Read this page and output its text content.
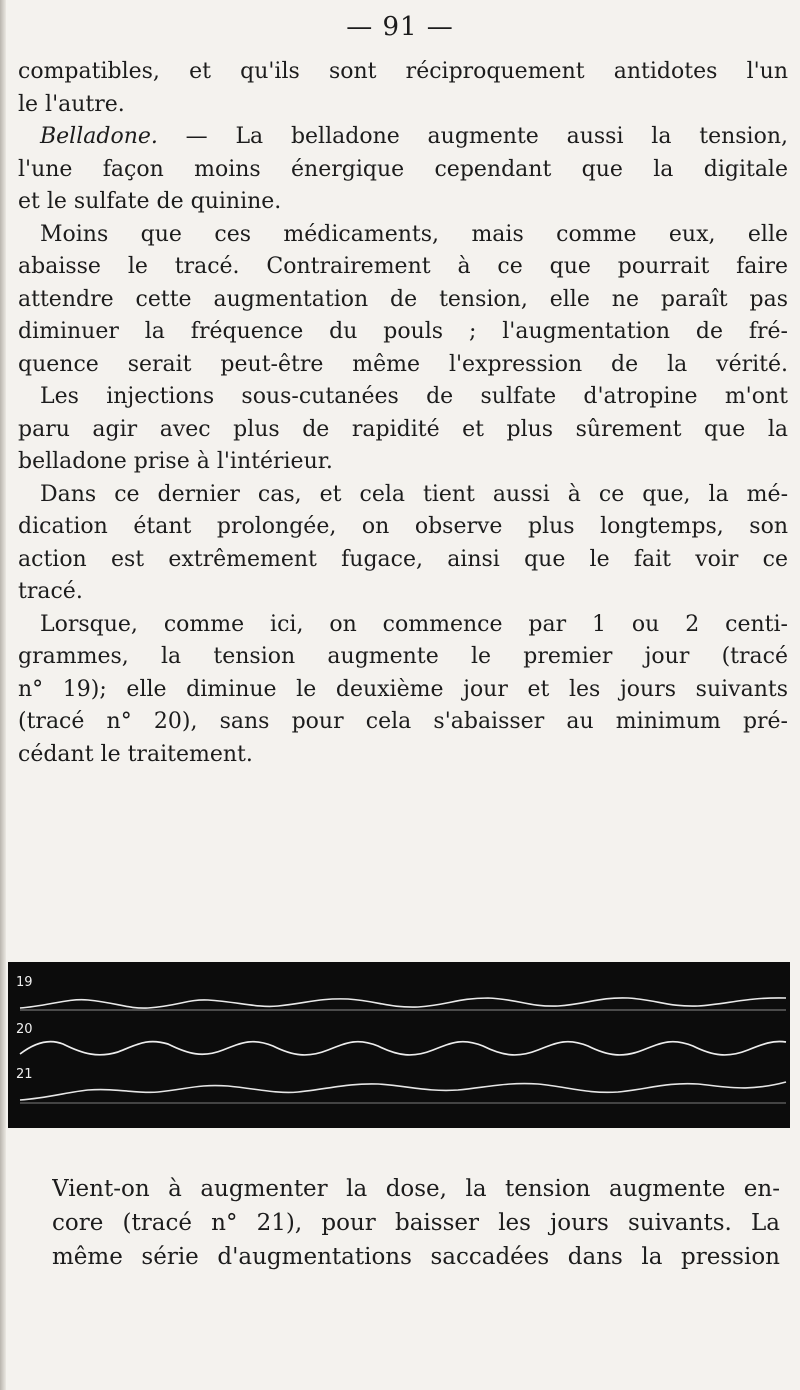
— 91 —
compatibles, et qu'ils sont réciproquement antidotes l'un
le l'autre.
Belladone. — La belladone augmente aussi la tension,
l'une façon moins énergique cependant que la digitale
et le sulfate de quinine.
Moins que ces médicaments, mais comme eux, elle
abaisse le tracé. Contrairement à ce que pourrait faire
attendre cette augmentation de tension, elle ne paraît pas
diminuer la fréquence du pouls ; l'augmentation de fré-
quence serait peut-être même l'expression de la vérité.
Les injections sous-cutanées de sulfate d'atropine m'ont
paru agir avec plus de rapidité et plus sûrement que la
belladone prise à l'intérieur.
Dans ce dernier cas, et cela tient aussi à ce que, la mé-
dication étant prolongée, on observe plus longtemps, son
action est extrêmement fugace, ainsi que le fait voir ce
tracé.
Lorsque, comme ici, on commence par 1 ou 2 centi-
grammes, la tension augmente le premier jour (tracé
n° 19); elle diminue le deuxième jour et les jours suivants
(tracé n° 20), sans pour cela s'abaisser au minimum pré-
cédant le traitement.
19
20
21
Vient-on à augmenter la dose, la tension augmente en-
core (tracé n° 21), pour baisser les jours suivants. La
même série d'augmentations saccadées dans la pression
